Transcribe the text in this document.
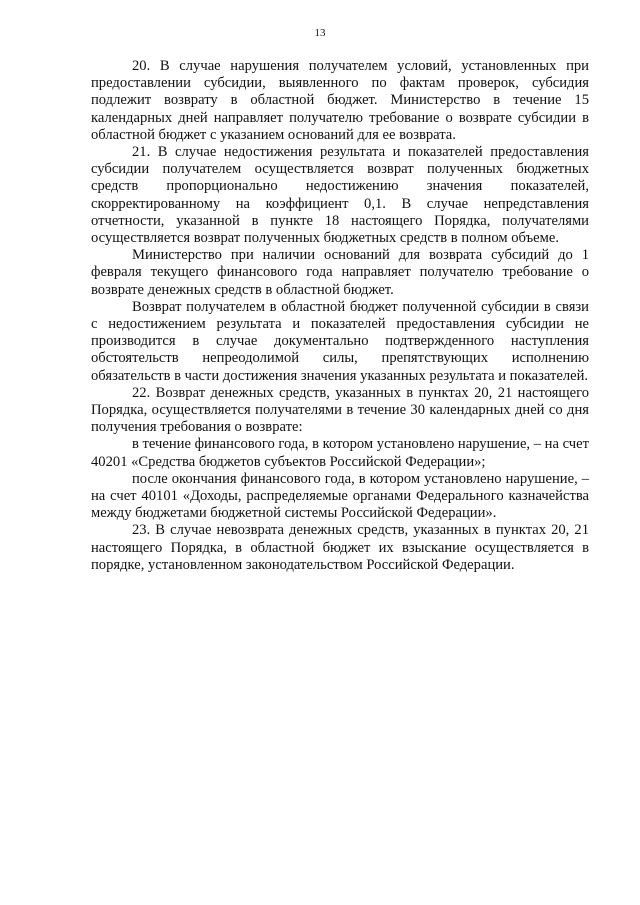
13

20. В случае нарушения получателем условий, установленных при предоставлении субсидии, выявленного по фактам проверок, субсидия подлежит возврату в областной бюджет. Министерство в течение 15 календарных дней направляет получателю требование о возврате субсидии в областной бюджет с указанием оснований для ее возврата.

21. В случае недостижения результата и показателей предоставления субсидии получателем осуществляется возврат полученных бюджетных средств пропорционально недостижению значения показателей, скорректированному на коэффициент 0,1. В случае непредставления отчетности, указанной в пункте 18 настоящего Порядка, получателями осуществляется возврат полученных бюджетных средств в полном объеме.

Министерство при наличии оснований для возврата субсидий до 1 февраля текущего финансового года направляет получателю требование о возврате денежных средств в областной бюджет.

Возврат получателем в областной бюджет полученной субсидии в связи с недостижением результата и показателей предоставления субсидии не производится в случае документально подтвержденного наступления обстоятельств непреодолимой силы, препятствующих исполнению обязательств в части достижения значения указанных результата и показателей.

22. Возврат денежных средств, указанных в пунктах 20, 21 настоящего Порядка, осуществляется получателями в течение 30 календарных дней со дня получения требования о возврате:

в течение финансового года, в котором установлено нарушение, – на счет 40201 «Средства бюджетов субъектов Российской Федерации»;

после окончания финансового года, в котором установлено нарушение, – на счет 40101 «Доходы, распределяемые органами Федерального казначейства между бюджетами бюджетной системы Российской Федерации».

23. В случае невозврата денежных средств, указанных в пунктах 20, 21 настоящего Порядка, в областной бюджет их взыскание осуществляется в порядке, установленном законодательством Российской Федерации.
